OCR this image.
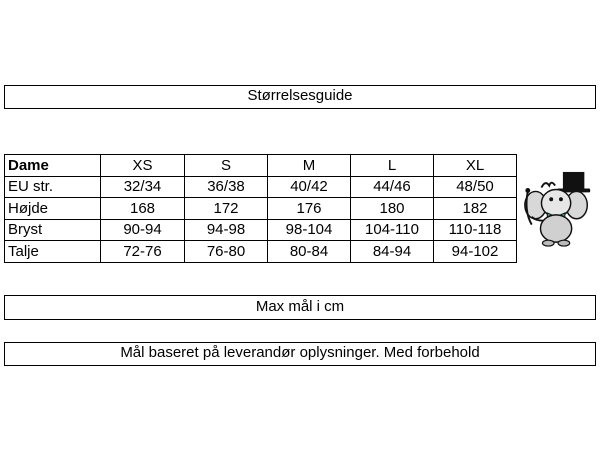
Størrelsesguide
Dame	XS	S	M	L	XL
EU str.	32/34	36/38	40/42	44/46	48/50
Højde	168	172	176	180	182
Bryst	90-94	94-98	98-104	104-110	110-118
Talje	72-76	76-80	80-84	84-94	94-102
Max mål i cm
Mål baseret på leverandør oplysninger. Med forbehold
